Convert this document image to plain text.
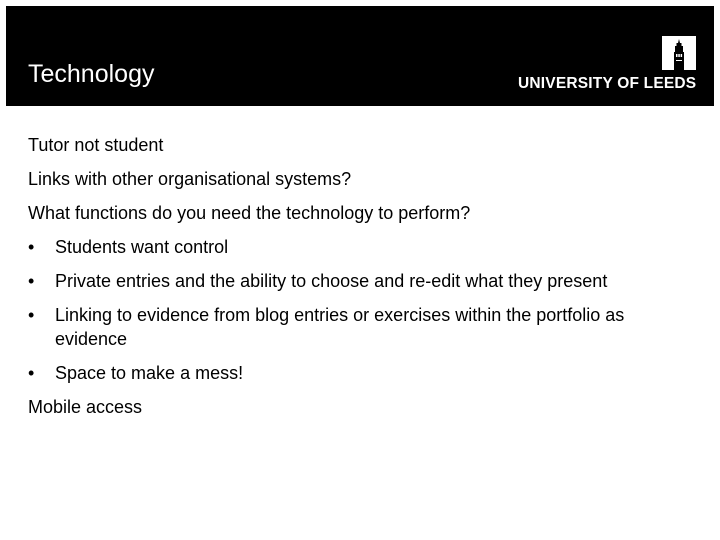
Technology	UNIVERSITY OF LEEDS
Tutor not student
Links with other organisational systems?
What functions do you need the technology to perform?
• Students want control
• Private entries and the ability to choose and re-edit what they present
• Linking to evidence from blog entries or exercises within the portfolio as evidence
• Space to make a mess!
Mobile access
